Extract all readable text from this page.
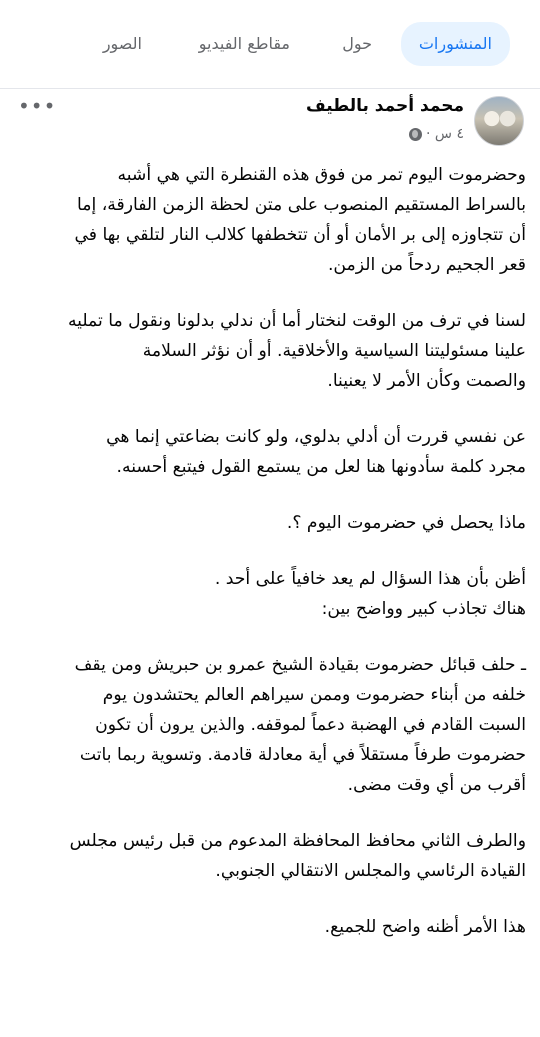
المنشورات
حول
مقاطع الفيديو
الصور
محمد أحمد بالطيف
٤ س ·
•••
وحضرموت اليوم تمر من فوق هذه القنطرة التي هي أشبه
بالسراط المستقيم المنصوب على متن لحظة الزمن الفارقة، إما
أن تتجاوزه إلى بر الأمان أو أن تتخطفها كلالب النار لتلقي بها في
قعر الجحيم ردحاً من الزمن.
لسنا في ترف من الوقت لنختار أما أن ندلي بدلونا ونقول ما تمليه
علينا مسئوليتنا السياسية والأخلاقية. أو أن نؤثر السلامة
والصمت وكأن الأمر لا يعنينا.
عن نفسي قررت أن أدلي بدلوي، ولو كانت بضاعتي إنما هي
مجرد كلمة سأدونها هنا لعل من يستمع القول فيتبع أحسنه.
ماذا يحصل في حضرموت اليوم ؟.
أظن بأن هذا السؤال لم يعد خافياً على أحد .
هناك تجاذب كبير وواضح بين:
ـ حلف قبائل حضرموت بقيادة الشيخ عمرو بن حبريش ومن يقف
خلفه من أبناء حضرموت وممن سيراهم العالم يحتشدون يوم
السبت القادم في الهضبة دعماً لموقفه. والذين يرون أن تكون
حضرموت طرفاً مستقلاً في أية معادلة قادمة. وتسوية ربما باتت
أقرب من أي وقت مضى.
والطرف الثاني محافظ المحافظة المدعوم من قبل رئيس مجلس
القيادة الرئاسي والمجلس الانتقالي الجنوبي.
هذا الأمر أظنه واضح للجميع.
